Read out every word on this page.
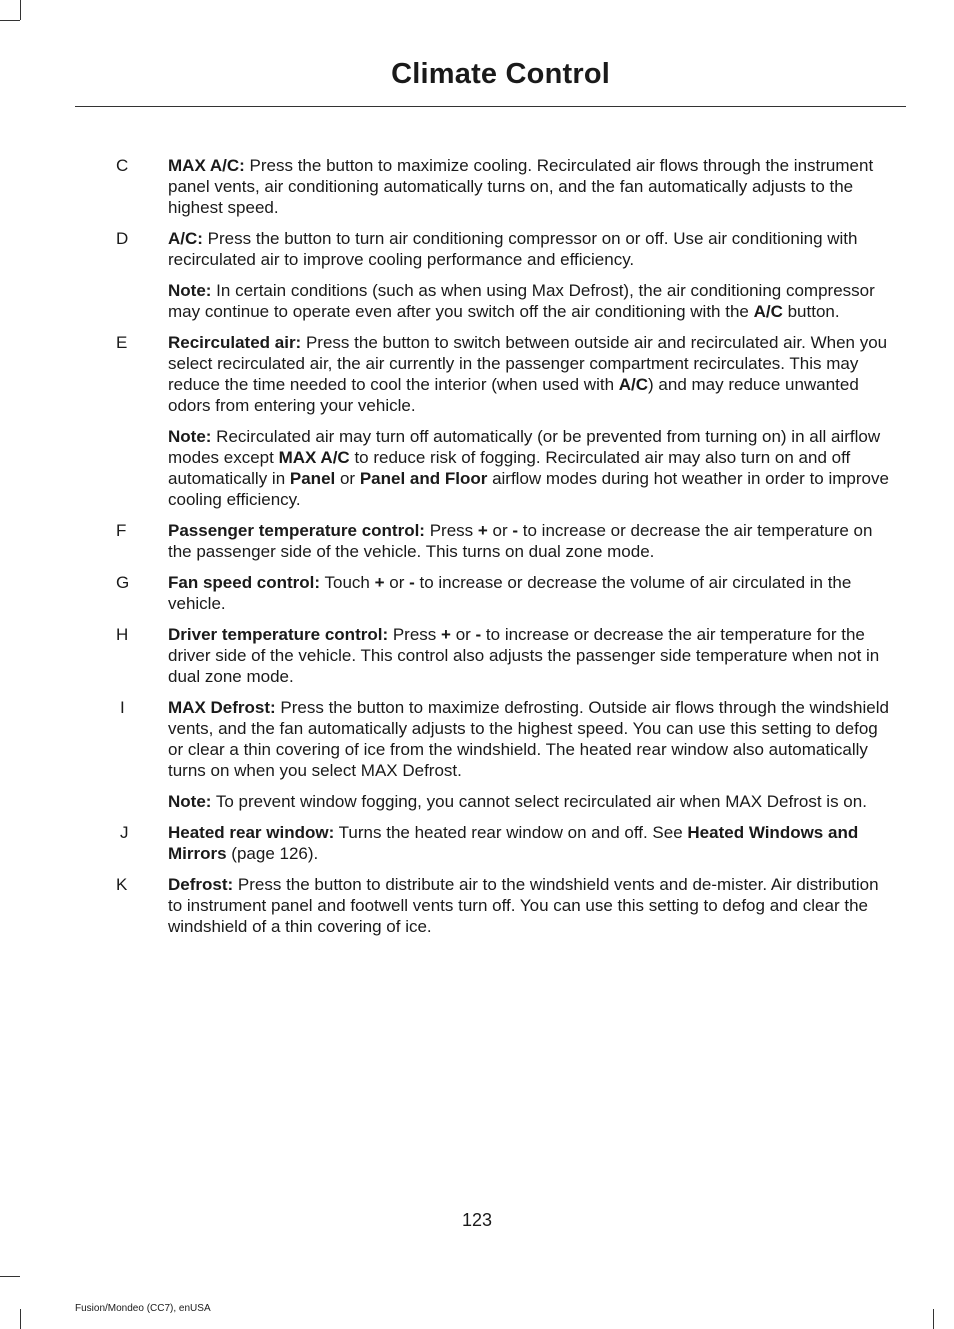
Climate Control
C	MAX A/C: Press the button to maximize cooling. Recirculated air flows through the instrument panel vents, air conditioning automatically turns on, and the fan automatically adjusts to the highest speed.
D	A/C: Press the button to turn air conditioning compressor on or off. Use air conditioning with recirculated air to improve cooling performance and efficiency.
Note: In certain conditions (such as when using Max Defrost), the air conditioning compressor may continue to operate even after you switch off the air conditioning with the A/C button.
E	Recirculated air: Press the button to switch between outside air and recirculated air. When you select recirculated air, the air currently in the passenger compartment recirculates. This may reduce the time needed to cool the interior (when used with A/C) and may reduce unwanted odors from entering your vehicle.
Note: Recirculated air may turn off automatically (or be prevented from turning on) in all airflow modes except MAX A/C to reduce risk of fogging. Recirculated air may also turn on and off automatically in Panel or Panel and Floor airflow modes during hot weather in order to improve cooling efficiency.
F	Passenger temperature control: Press + or - to increase or decrease the air temperature on the passenger side of the vehicle. This turns on dual zone mode.
G	Fan speed control: Touch + or - to increase or decrease the volume of air circulated in the vehicle.
H	Driver temperature control: Press + or - to increase or decrease the air temperature for the driver side of the vehicle. This control also adjusts the passenger side temperature when not in dual zone mode.
I	MAX Defrost: Press the button to maximize defrosting. Outside air flows through the windshield vents, and the fan automatically adjusts to the highest speed. You can use this setting to defog or clear a thin covering of ice from the windshield. The heated rear window also automatically turns on when you select MAX Defrost.
Note: To prevent window fogging, you cannot select recirculated air when MAX Defrost is on.
J	Heated rear window: Turns the heated rear window on and off. See Heated Windows and Mirrors (page 126).
K	Defrost: Press the button to distribute air to the windshield vents and de-mister. Air distribution to instrument panel and footwell vents turn off. You can use this setting to defog and clear the windshield of a thin covering of ice.
123
Fusion/Mondeo (CC7), enUSA
